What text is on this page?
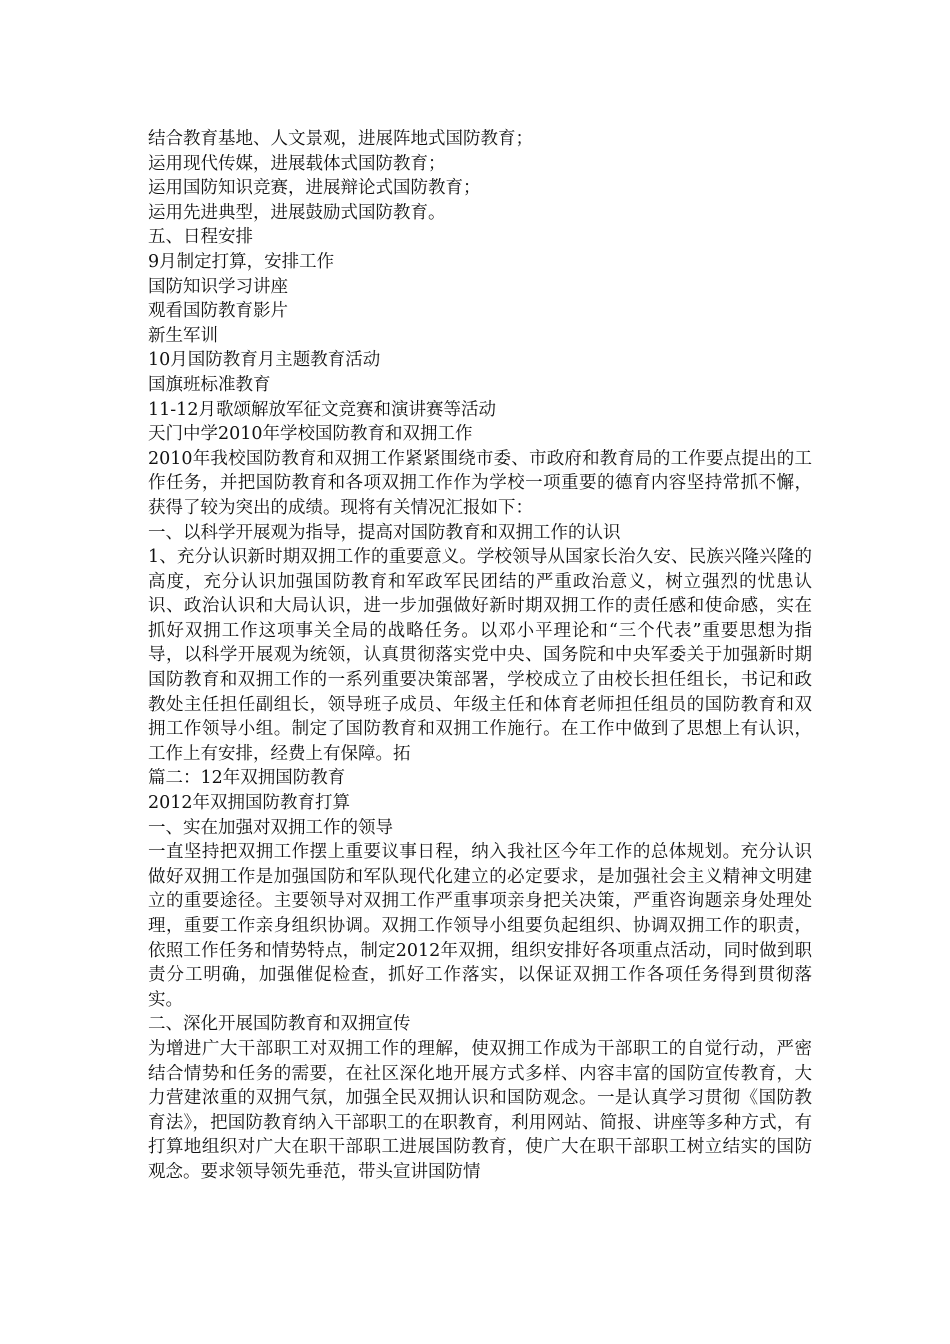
结合教育基地、人文景观，进展阵地式国防教育；
运用现代传媒，进展载体式国防教育；
运用国防知识竞赛，进展辩论式国防教育；
运用先进典型，进展鼓励式国防教育。
五、日程安排
9月制定打算，安排工作
国防知识学习讲座
观看国防教育影片
新生军训
10月国防教育月主题教育活动
国旗班标准教育
11-12月歌颂解放军征文竞赛和演讲赛等活动
天门中学2010年学校国防教育和双拥工作
2010年我校国防教育和双拥工作紧紧围绕市委、市政府和教育局的工作要点提出的工作任务，并把国防教育和各项双拥工作作为学校一项重要的德育内容坚持常抓不懈，获得了较为突出的成绩。现将有关情况汇报如下：
一、以科学开展观为指导，提高对国防教育和双拥工作的认识
1、充分认识新时期双拥工作的重要意义。学校领导从国家长治久安、民族兴隆兴隆的高度，充分认识加强国防教育和军政军民团结的严重政治意义，树立强烈的忧患认识、政治认识和大局认识，进一步加强做好新时期双拥工作的责任感和使命感，实在抓好双拥工作这项事关全局的战略任务。以邓小平理论和“三个代表”重要思想为指导，以科学开展观为统领，认真贯彻落实党中央、国务院和中央军委关于加强新时期国防教育和双拥工作的一系列重要决策部署，学校成立了由校长担任组长，书记和政教处主任担任副组长，领导班子成员、年级主任和体育老师担任组员的国防教育和双拥工作领导小组。制定了国防教育和双拥工作施行。在工作中做到了思想上有认识，工作上有安排，经费上有保障。拓
篇二：12年双拥国防教育
2012年双拥国防教育打算
一、实在加强对双拥工作的领导
一直坚持把双拥工作摆上重要议事日程，纳入我社区今年工作的总体规划。充分认识做好双拥工作是加强国防和军队现代化建立的必定要求，是加强社会主义精神文明建立的重要途径。主要领导对双拥工作严重事项亲身把关决策，严重咨询题亲身处理处理，重要工作亲身组织协调。双拥工作领导小组要负起组织、协调双拥工作的职责，依照工作任务和情势特点，制定2012年双拥，组织安排好各项重点活动，同时做到职责分工明确，加强催促检查，抓好工作落实，以保证双拥工作各项任务得到贯彻落实。
二、深化开展国防教育和双拥宣传
为增进广大干部职工对双拥工作的理解，使双拥工作成为干部职工的自觉行动，严密结合情势和任务的需要，在社区深化地开展方式多样、内容丰富的国防宣传教育，大力营建浓重的双拥气氛，加强全民双拥认识和国防观念。一是认真学习贯彻《国防教育法》，把国防教育纳入干部职工的在职教育，利用网站、简报、讲座等多种方式，有打算地组织对广大在职干部职工进展国防教育，使广大在职干部职工树立结实的国防观念。要求领导领先垂范，带头宣讲国防情
